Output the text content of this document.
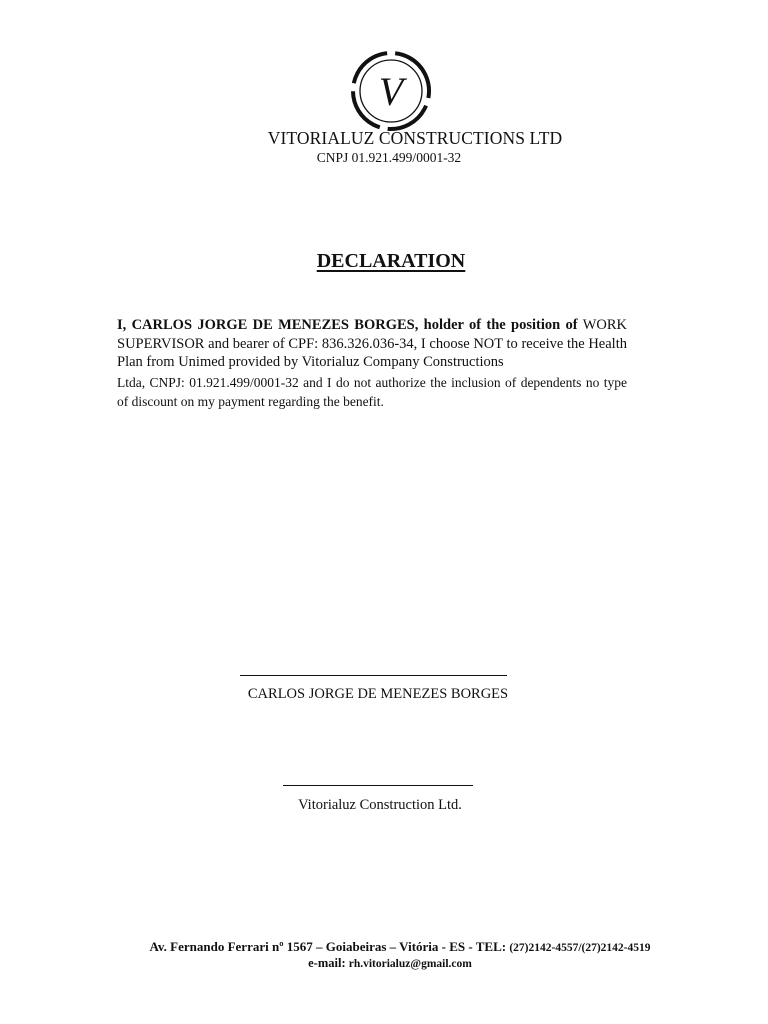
V
VITORIALUZ CONSTRUCTIONS LTD
CNPJ 01.921.499/0001-32
DECLARATION
I, CARLOS JORGE DE MENEZES BORGES, holder of the position of WORK SUPERVISOR and bearer of CPF: 836.326.036-34, I choose NOT to receive the Health Plan from Unimed provided by Vitorialuz Company Constructions
Ltda, CNPJ: 01.921.499/0001-32 and I do not authorize the inclusion of dependents no type of discount on my payment regarding the benefit.
CARLOS JORGE DE MENEZES BORGES
Vitorialuz Construction Ltd.
Av. Fernando Ferrari nº 1567 – Goiabeiras – Vitória - ES - TEL: (27)2142-4557/(27)2142-4519
e-mail: rh.vitorialuz@gmail.com
